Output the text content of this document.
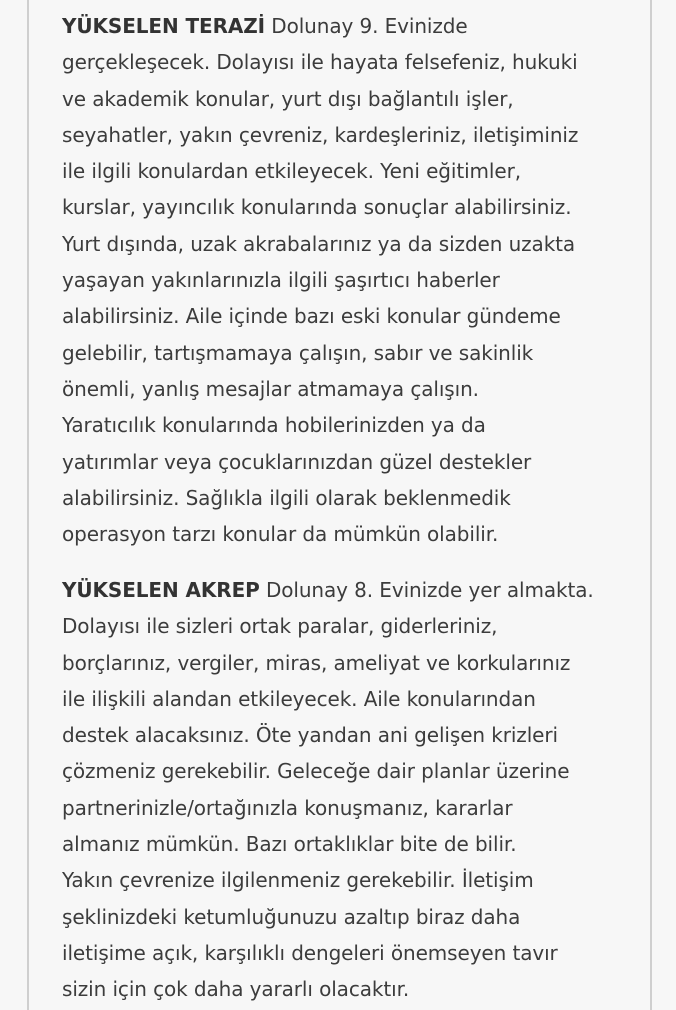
YÜKSELEN TERAZİ Dolunay 9. Evinizde
gerçekleşecek. Dolayısı ile hayata felsefeniz, hukuki
ve akademik konular, yurt dışı bağlantılı işler,
seyahatler, yakın çevreniz, kardeşleriniz, iletişiminiz
ile ilgili konulardan etkileyecek. Yeni eğitimler,
kurslar, yayıncılık konularında sonuçlar alabilirsiniz.
Yurt dışında, uzak akrabalarınız ya da sizden uzakta
yaşayan yakınlarınızla ilgili şaşırtıcı haberler
alabilirsiniz. Aile içinde bazı eski konular gündeme
gelebilir, tartışmamaya çalışın, sabır ve sakinlik
önemli, yanlış mesajlar atmamaya çalışın.
Yaratıcılık konularında hobilerinizden ya da
yatırımlar veya çocuklarınızdan güzel destekler
alabilirsiniz. Sağlıkla ilgili olarak beklenmedik
operasyon tarzı konular da mümkün olabilir.
YÜKSELEN AKREP Dolunay 8. Evinizde yer almakta.
Dolayısı ile sizleri ortak paralar, giderleriniz,
borçlarınız, vergiler, miras, ameliyat ve korkularınız
ile ilişkili alandan etkileyecek. Aile konularından
destek alacaksınız. Öte yandan ani gelişen krizleri
çözmeniz gerekebilir. Geleceğe dair planlar üzerine
partnerinizle/ortağınızla konuşmanız, kararlar
almanız mümkün. Bazı ortaklıklar bite de bilir.
Yakın çevrenize ilgilenmeniz gerekebilir. İletişim
şeklinizdeki ketumluğunuzu azaltıp biraz daha
iletişime açık, karşılıklı dengeleri önemseyen tavır
sizin için çok daha yararlı olacaktır.
